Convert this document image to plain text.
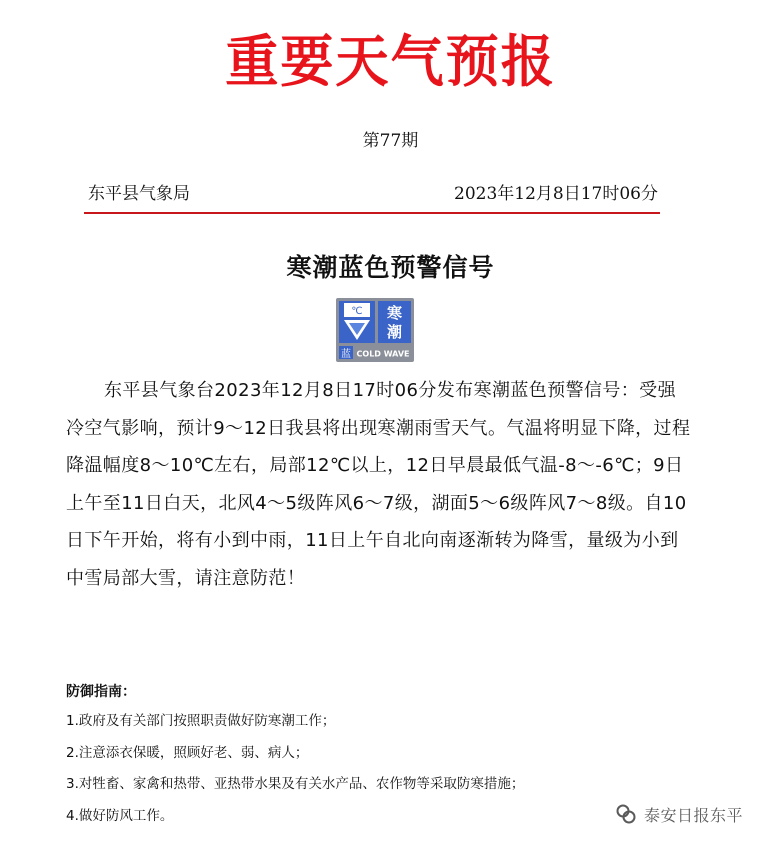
重要天气预报
第77期
东平县气象局	2023年12月8日17时06分
寒潮蓝色预警信号
℃ 寒
潮
蓝 COLD WAVE

东平县气象台2023年12月8日17时06分发布寒潮蓝色预警信号：受强冷空气影响，预计9～12日我县将出现寒潮雨雪天气。气温将明显下降，过程降温幅度8～10℃左右，局部12℃以上，12日早晨最低气温-8～-6℃；9日上午至11日白天，北风4～5级阵风6～7级，湖面5～6级阵风7～8级。自10日下午开始，将有小到中雨，11日上午自北向南逐渐转为降雪，量级为小到中雪局部大雪，请注意防范！

防御指南：
1.政府及有关部门按照职责做好防寒潮工作；
2.注意添衣保暖，照顾好老、弱、病人；
3.对牲畜、家禽和热带、亚热带水果及有关水产品、农作物等采取防寒措施；
4.做好防风工作。	泰安日报东平
